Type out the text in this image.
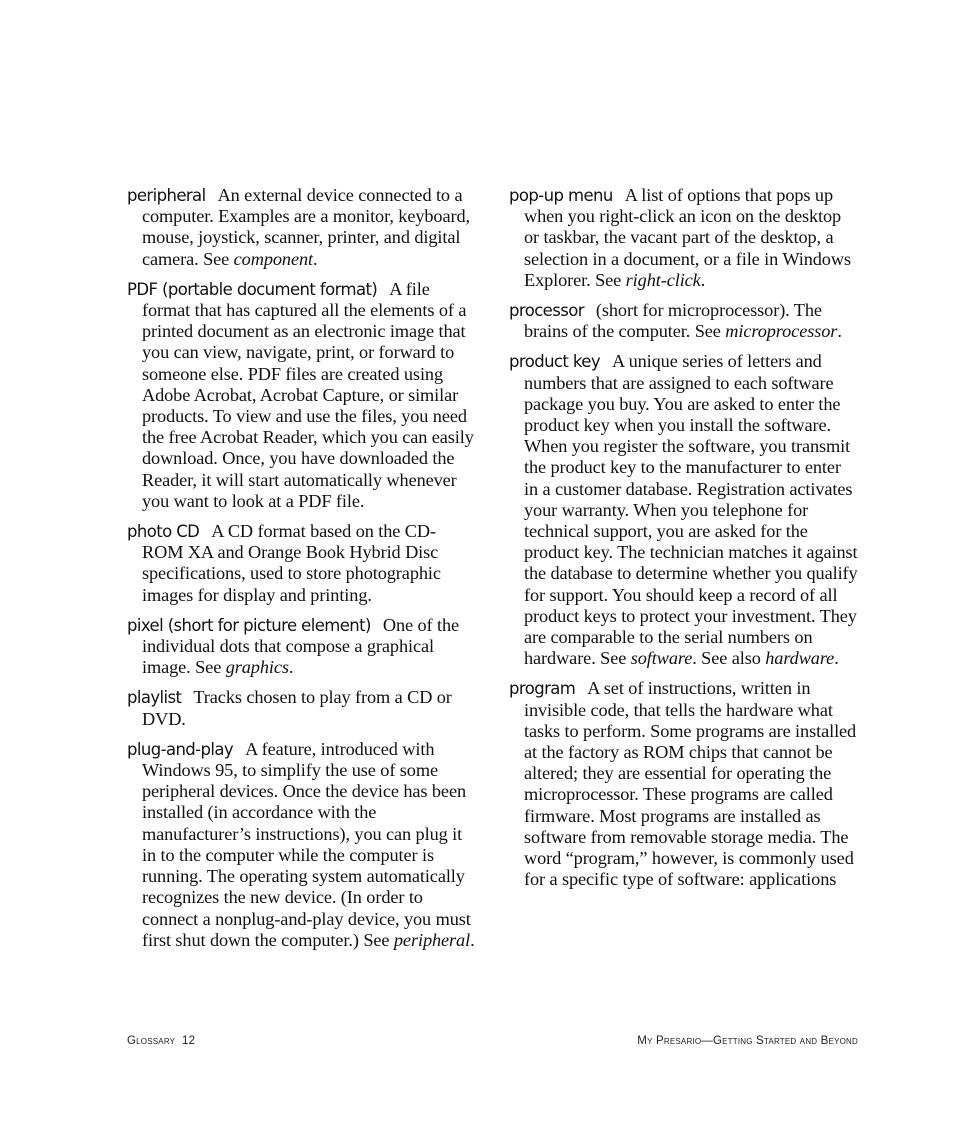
peripheral An external device connected to a computer. Examples are a monitor, keyboard, mouse, joystick, scanner, printer, and digital camera. See component.

PDF (portable document format) A file format that has captured all the elements of a printed document as an electronic image that you can view, navigate, print, or forward to someone else. PDF files are created using Adobe Acrobat, Acrobat Capture, or similar products. To view and use the files, you need the free Acrobat Reader, which you can easily download. Once, you have downloaded the Reader, it will start automatically whenever you want to look at a PDF file.

photo CD A CD format based on the CD-ROM XA and Orange Book Hybrid Disc specifications, used to store photographic images for display and printing.

pixel (short for picture element) One of the individual dots that compose a graphical image. See graphics.

playlist Tracks chosen to play from a CD or DVD.

plug-and-play A feature, introduced with Windows 95, to simplify the use of some peripheral devices. Once the device has been installed (in accordance with the manufacturer’s instructions), you can plug it in to the computer while the computer is running. The operating system automatically recognizes the new device. (In order to connect a nonplug-and-play device, you must first shut down the computer.) See peripheral.

pop-up menu A list of options that pops up when you right-click an icon on the desktop or taskbar, the vacant part of the desktop, a selection in a document, or a file in Windows Explorer. See right-click.

processor (short for microprocessor). The brains of the computer. See microprocessor.

product key A unique series of letters and numbers that are assigned to each software package you buy. You are asked to enter the product key when you install the software. When you register the software, you transmit the product key to the manufacturer to enter in a customer database. Registration activates your warranty. When you telephone for technical support, you are asked for the product key. The technician matches it against the database to determine whether you qualify for support. You should keep a record of all product keys to protect your investment. They are comparable to the serial numbers on hardware. See software. See also hardware.

program A set of instructions, written in invisible code, that tells the hardware what tasks to perform. Some programs are installed at the factory as ROM chips that cannot be altered; they are essential for operating the microprocessor. These programs are called firmware. Most programs are installed as software from removable storage media. The word “program,” however, is commonly used for a specific type of software: applications

Glossary 12	My Presario—Getting Started and Beyond
